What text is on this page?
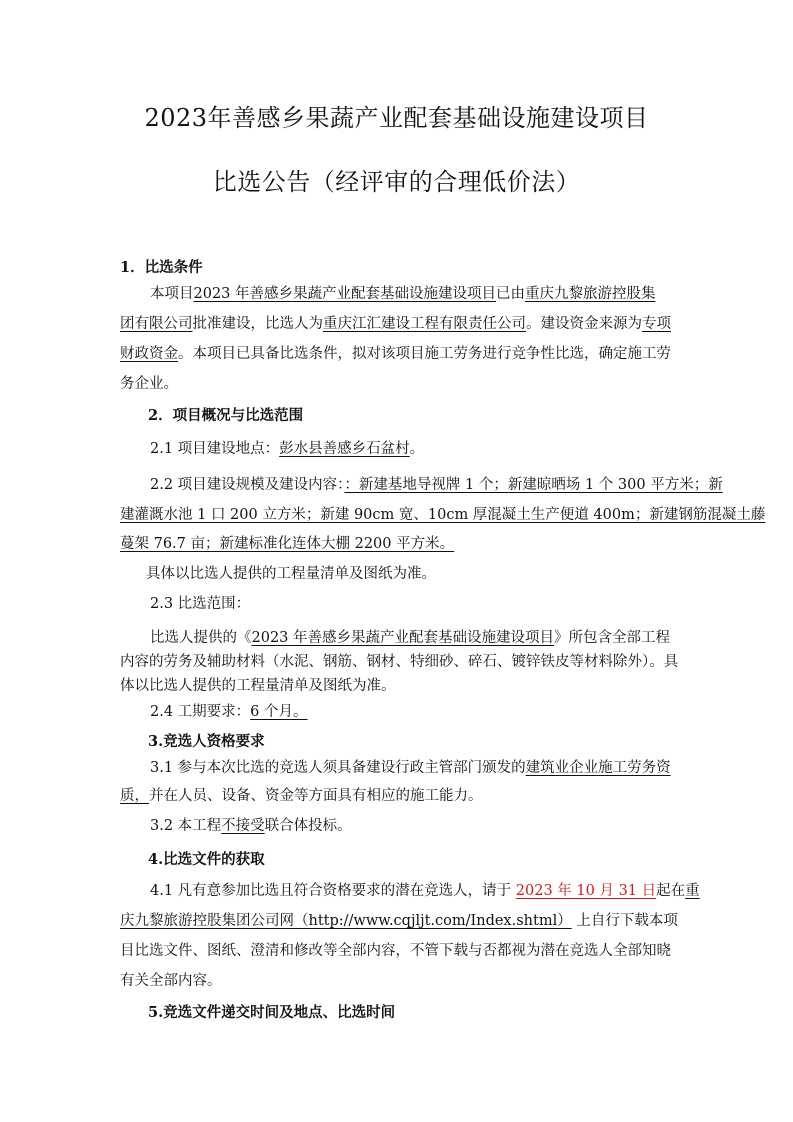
2023年善感乡果蔬产业配套基础设施建设项目
比选公告（经评审的合理低价法）
1．比选条件
本项目2023 年善感乡果蔬产业配套基础设施建设项目已由重庆九黎旅游控股集
团有限公司批准建设，比选人为重庆江汇建设工程有限责任公司。建设资金来源为专项
财政资金。本项目已具备比选条件，拟对该项目施工劳务进行竞争性比选，确定施工劳
务企业。
2．项目概况与比选范围
2.1 项目建设地点：彭水县善感乡石盆村。
2.2 项目建设规模及建设内容：：新建基地导视牌 1 个；新建晾晒场 1 个 300 平方米；新
建灌溉水池 1 口 200 立方米；新建 90cm 宽、10cm 厚混凝土生产便道 400m；新建钢筋混凝土藤
蔓架 76.7 亩；新建标准化连体大棚 2200 平方米。
具体以比选人提供的工程量清单及图纸为准。
2.3 比选范围：
比选人提供的《2023 年善感乡果蔬产业配套基础设施建设项目》所包含全部工程
内容的劳务及辅助材料（水泥、钢筋、钢材、特细砂、碎石、镀锌铁皮等材料除外）。具
体以比选人提供的工程量清单及图纸为准。
2.4 工期要求：6 个月。
3.竞选人资格要求
3.1 参与本次比选的竞选人须具备建设行政主管部门颁发的建筑业企业施工劳务资
质，并在人员、设备、资金等方面具有相应的施工能力。
3.2 本工程不接受联合体投标。
4.比选文件的获取
4.1 凡有意参加比选且符合资格要求的潜在竞选人，请于 2023 年 10 月 31 日起在重
庆九黎旅游控股集团公司网（http://www.cqjljt.com/Index.shtml） 上自行下载本项
目比选文件、图纸、澄清和修改等全部内容，不管下载与否都视为潜在竞选人全部知晓
有关全部内容。
5.竞选文件递交时间及地点、比选时间
